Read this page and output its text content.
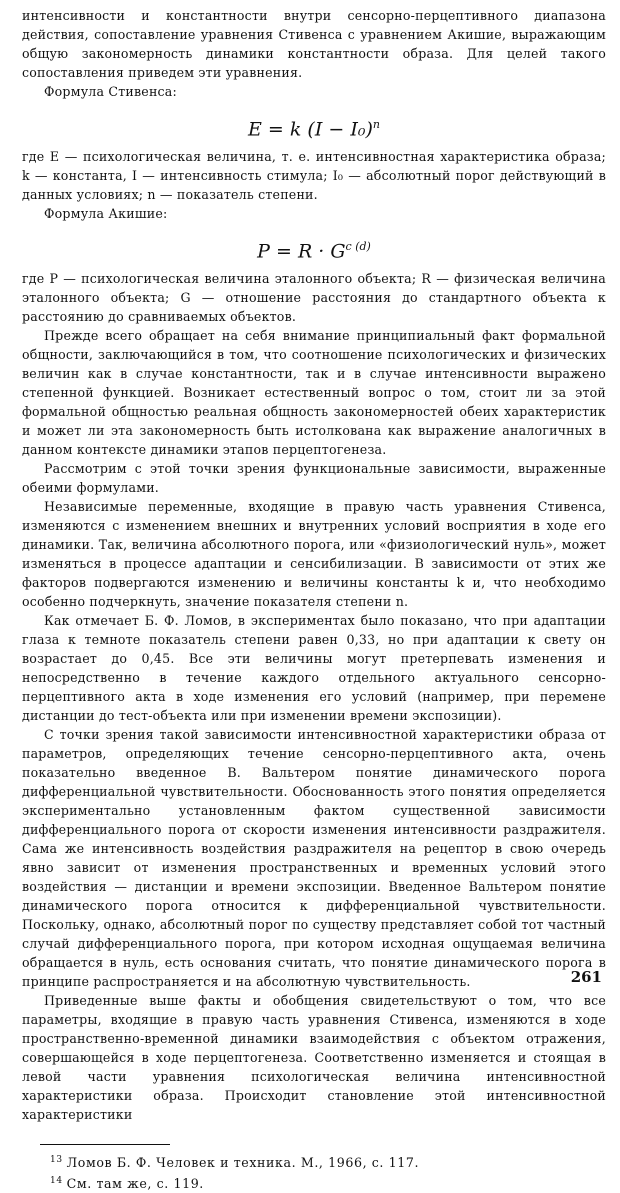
интенсивности и константности внутри сенсорно-перцептивного диапазона действия, сопоставление уравнения Стивенса с уравнением Акишие, выражающим общую закономерность динамики константности образа. Для целей такого сопоставления приведем эти уравнения.

Формула Стивенса:

E = k $(I - I_0)^n$

где E — психологическая величина, т. е. интенсивностная характеристика образа; k — константа, I — интенсивность стимула; I₀ — абсолютный порог действующий в данных условиях; n — показатель степени.

Формула Акишие:

$P = R \cdot G^{c (d)}$

где P — психологическая величина эталонного объекта; R — физическая величина эталонного объекта; G — отношение расстояния до стандартного объекта к расстоянию до сравниваемых объектов.

Прежде всего обращает на себя внимание принципиальный факт формальной общности, заключающийся в том, что соотношение психологических и физических величин как в случае константности, так и в случае интенсивности выражено степенной функцией. Возникает естественный вопрос о том, стоит ли за этой формальной общностью реальная общность закономерностей обеих характеристик и может ли эта закономерность быть истолкована как выражение аналогичных в данном контексте динамики этапов перцептогенеза.

Рассмотрим с этой точки зрения функциональные зависимости, выраженные обеими формулами.

Независимые переменные, входящие в правую часть уравнения Стивенса, изменяются с изменением внешних и внутренних условий восприятия в ходе его динамики. Так, величина абсолютного порога, или «физиологический нуль», может изменяться в процессе адаптации и сенсибилизации. В зависимости от этих же факторов подвергаются изменению и величины константы k и, что необходимо особенно подчеркнуть, значение показателя степени n.

Как отмечает Б. Ф. Ломов, в экспериментах было показано, что при адаптации глаза к темноте показатель степени равен 0,33, но при адаптации к свету он возрастает до 0,45. Все эти величины могут претерпевать изменения и непосредственно в течение каждого отдельного актуального сенсорно-перцептивного акта в ходе изменения его условий (например, при перемене дистанции до тест-объекта или при изменении времени экспозиции).

С точки зрения такой зависимости интенсивностной характеристики образа от параметров, определяющих течение сенсорно-перцептивного акта, очень показательно введенное В. Вальтером понятие динамического порога дифференциальной чувствительности. Обоснованность этого понятия определяется экспериментально установленным фактом существенной зависимости дифференциального порога от скорости изменения интенсивности раздражителя. Сама же интенсивность воздействия раздражителя на рецептор в свою очередь явно зависит от изменения пространственных и временных условий этого воздействия — дистанции и времени экспозиции. Введенное Вальтером понятие динамического порога относится к дифференциальной чувствительности. Поскольку, однако, абсолютный порог по существу представляет собой тот частный случай дифференциального порога, при котором исходная ощущаемая величина обращается в нуль, есть основания считать, что понятие динамического порога в принципе распространяется и на абсолютную чувствительность.

Приведенные выше факты и обобщения свидетельствуют о том, что все параметры, входящие в правую часть уравнения Стивенса, изменяются в ходе пространственно-временной динамики взаимодействия с объектом отражения, совершающейся в ходе перцептогенеза. Соответственно изменяется и стоящая в левой части уравнения психологическая величина интенсивностной характеристики образа. Происходит становление этой интенсивностной характеристики

$^{13}$ Ломов Б. Ф. Человек и техника. М., 1966, с. 117.

$^{14}$ См. там же, с. 119.

261
